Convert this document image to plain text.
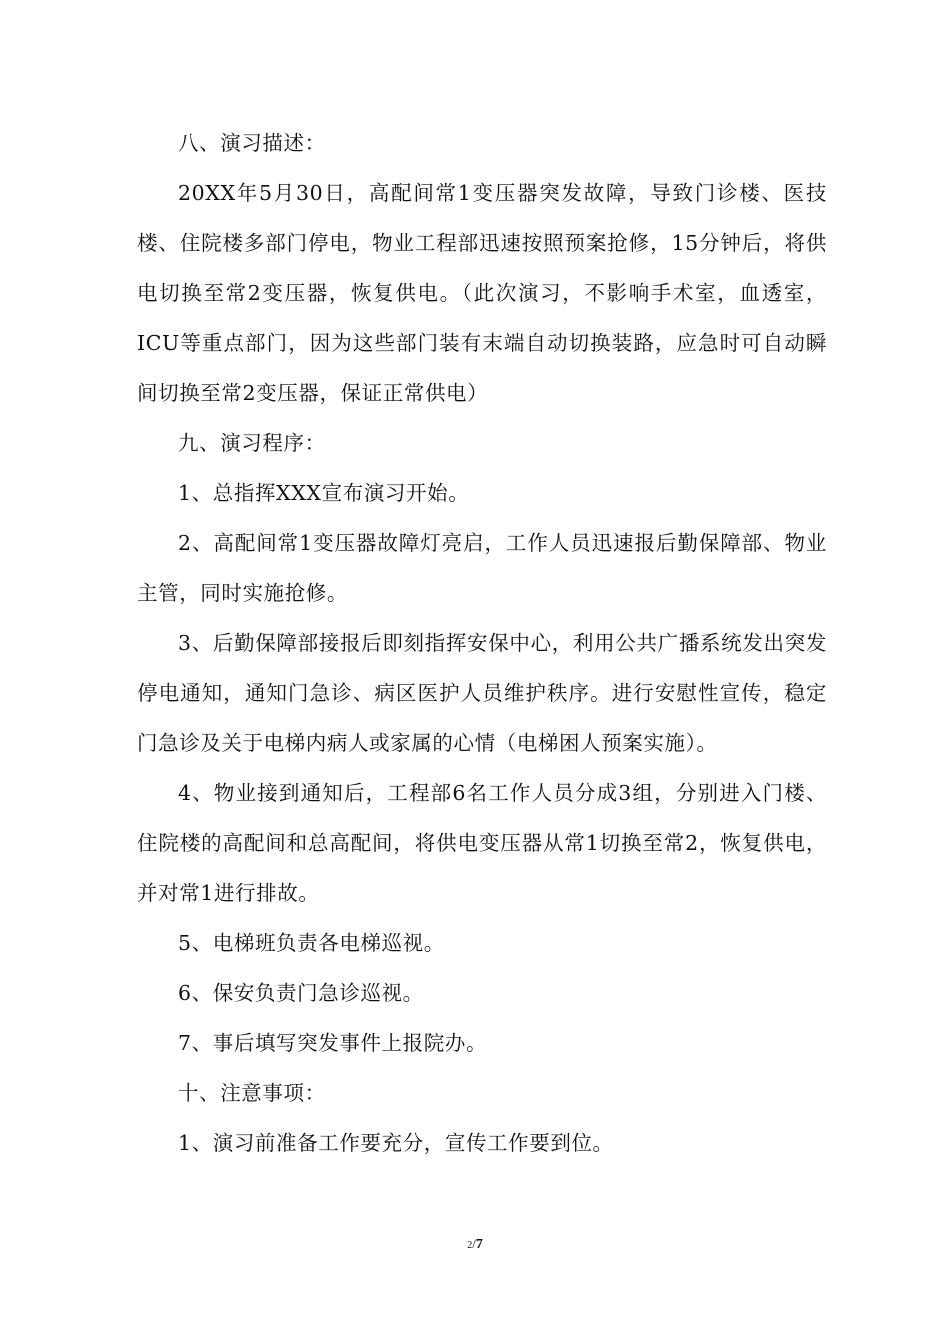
八、演习描述：

20XX年5月30日，高配间常1变压器突发故障，导致门诊楼、医技楼、住院楼多部门停电，物业工程部迅速按照预案抢修，15分钟后，将供电切换至常2变压器，恢复供电。（此次演习，不影响手术室，血透室，ICU等重点部门，因为这些部门装有末端自动切换装路，应急时可自动瞬间切换至常2变压器，保证正常供电）

九、演习程序：

1、总指挥XXX宣布演习开始。

2、高配间常1变压器故障灯亮启，工作人员迅速报后勤保障部、物业主管，同时实施抢修。

3、后勤保障部接报后即刻指挥安保中心，利用公共广播系统发出突发停电通知，通知门急诊、病区医护人员维护秩序。进行安慰性宣传，稳定门急诊及关于电梯内病人或家属的心情（电梯困人预案实施）。

4、物业接到通知后，工程部6名工作人员分成3组，分别进入门楼、住院楼的高配间和总高配间，将供电变压器从常1切换至常2，恢复供电，并对常1进行排故。

5、电梯班负责各电梯巡视。

6、保安负责门急诊巡视。

7、事后填写突发事件上报院办。

十、注意事项：

1、演习前准备工作要充分，宣传工作要到位。

2/7
